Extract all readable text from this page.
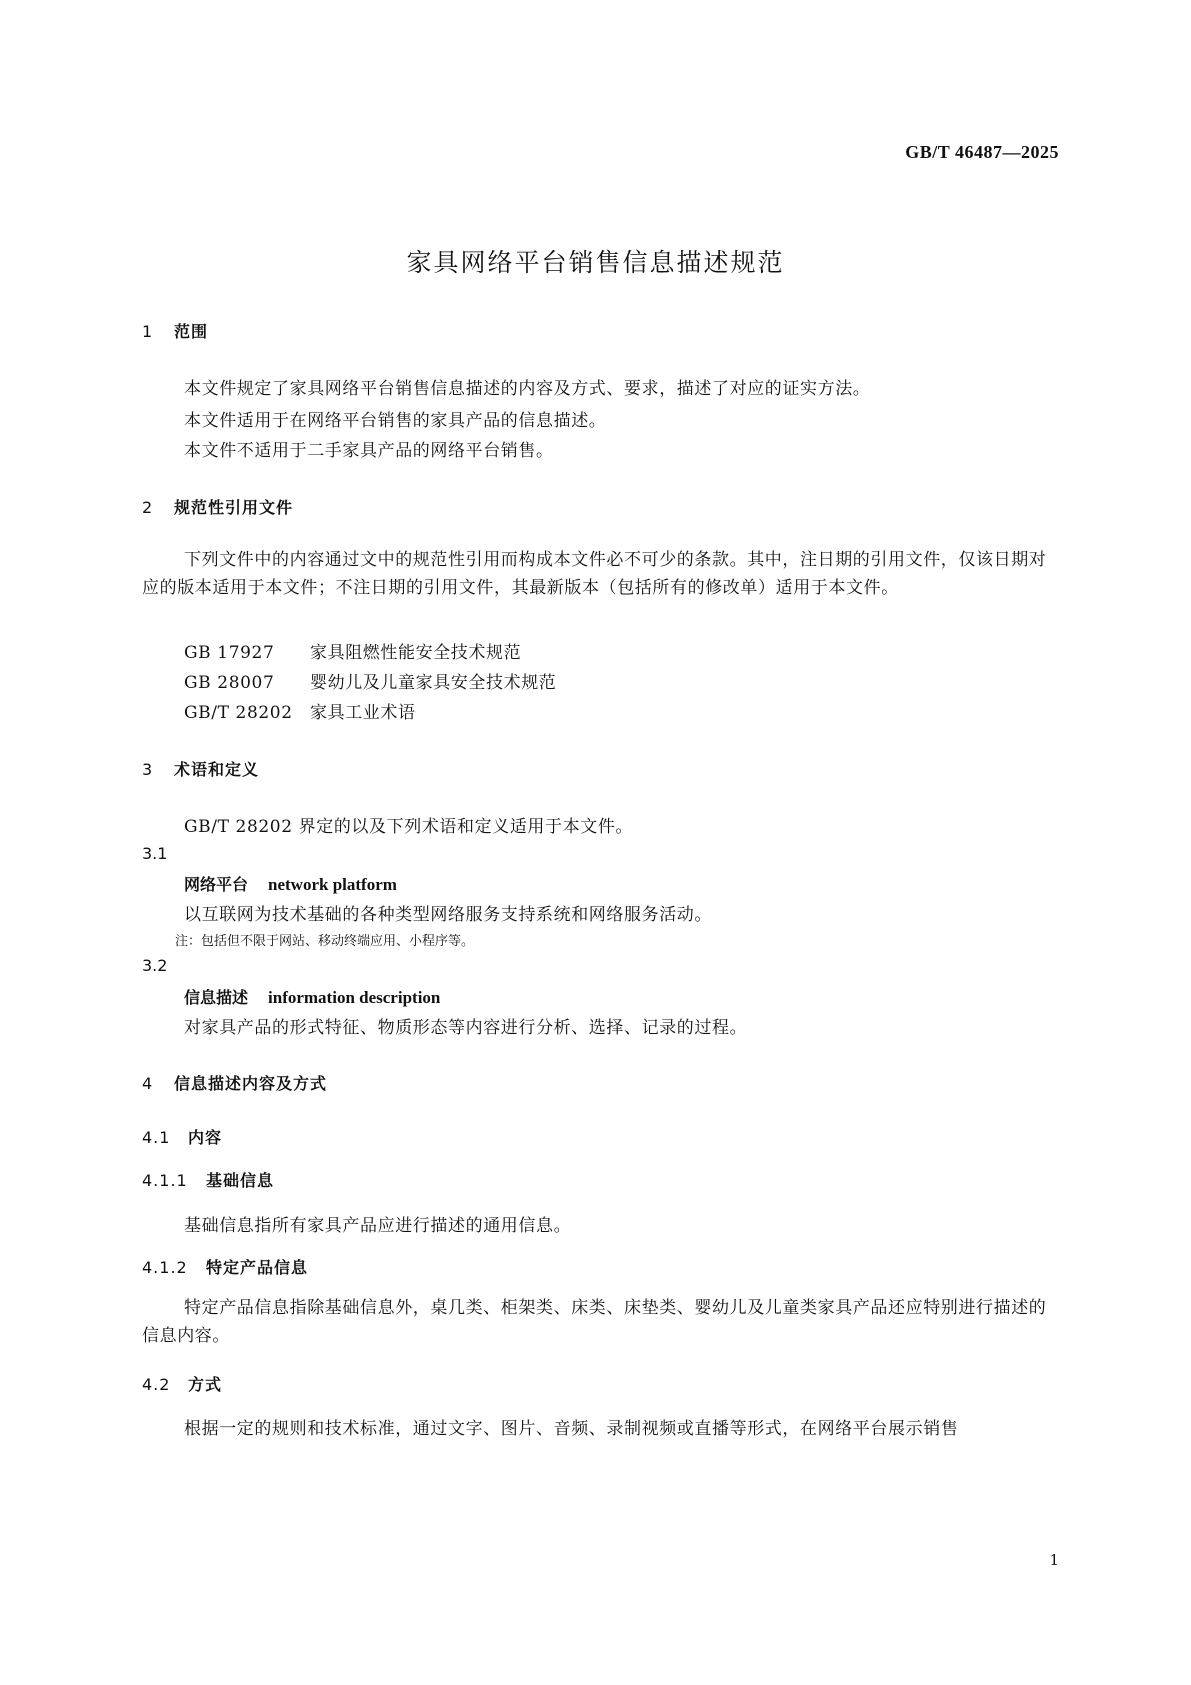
GB/T 46487—2025
家具网络平台销售信息描述规范
1 范围
本文件规定了家具网络平台销售信息描述的内容及方式、要求，描述了对应的证实方法。
本文件适用于在网络平台销售的家具产品的信息描述。
本文件不适用于二手家具产品的网络平台销售。
2 规范性引用文件
下列文件中的内容通过文中的规范性引用而构成本文件必不可少的条款。其中，注日期的引用文件，仅该日期对应的版本适用于本文件；不注日期的引用文件，其最新版本（包括所有的修改单）适用于本文件。
GB 17927 家具阻燃性能安全技术规范
GB 28007 婴幼儿及儿童家具安全技术规范
GB/T 28202 家具工业术语
3 术语和定义
GB/T 28202 界定的以及下列术语和定义适用于本文件。
3.1
网络平台 network platform
以互联网为技术基础的各种类型网络服务支持系统和网络服务活动。
注：包括但不限于网站、移动终端应用、小程序等。
3.2
信息描述 information description
对家具产品的形式特征、物质形态等内容进行分析、选择、记录的过程。
4 信息描述内容及方式
4.1 内容
4.1.1 基础信息
基础信息指所有家具产品应进行描述的通用信息。
4.1.2 特定产品信息
特定产品信息指除基础信息外，桌几类、柜架类、床类、床垫类、婴幼儿及儿童类家具产品还应特别进行描述的信息内容。
4.2 方式
根据一定的规则和技术标准，通过文字、图片、音频、录制视频或直播等形式，在网络平台展示销售
1
